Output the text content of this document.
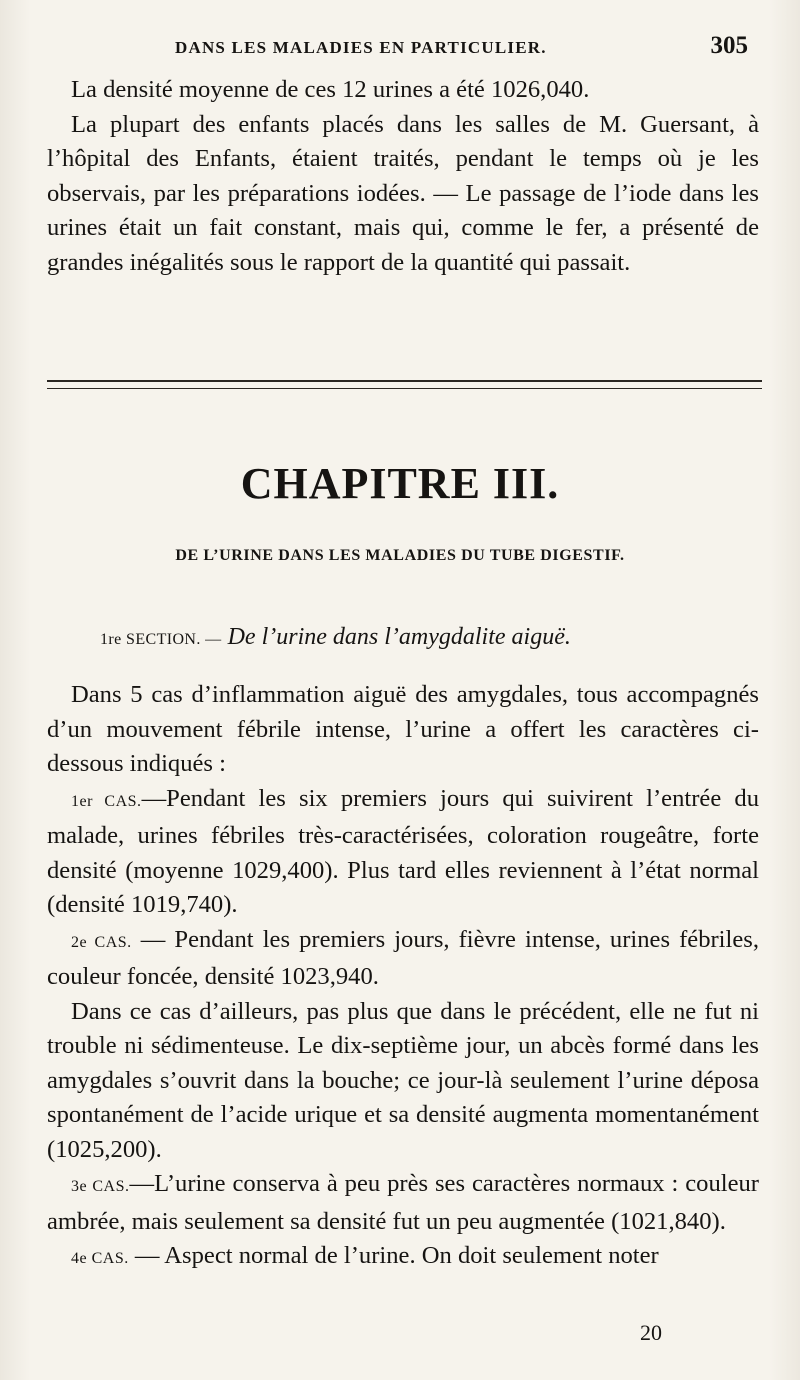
DANS LES MALADIES EN PARTICULIER.	305

La densité moyenne de ces 12 urines a été 1026,040.

La plupart des enfants placés dans les salles de M. Guersant, à l’hôpital des Enfants, étaient traités, pendant le temps où je les observais, par les préparations iodées. — Le passage de l’iode dans les urines était un fait constant, mais qui, comme le fer, a présenté de grandes inégalités sous le rapport de la quantité qui passait.

CHAPITRE III.
DE L’URINE DANS LES MALADIES DU TUBE DIGESTIF.
1re SECTION. — De l’urine dans l’amygdalite aiguë.

Dans 5 cas d’inflammation aiguë des amygdales, tous accompagnés d’un mouvement fébrile intense, l’urine a offert les caractères ci-dessous indiqués :

1er CAS.—Pendant les six premiers jours qui suivirent l’entrée du malade, urines fébriles très-caractérisées, coloration rougeâtre, forte densité (moyenne 1029,400). Plus tard elles reviennent à l’état normal (densité 1019,740).

2e CAS. — Pendant les premiers jours, fièvre intense, urines fébriles, couleur foncée, densité 1023,940.

Dans ce cas d’ailleurs, pas plus que dans le précédent, elle ne fut ni trouble ni sédimenteuse. Le dix-septième jour, un abcès formé dans les amygdales s’ouvrit dans la bouche; ce jour-là seulement l’urine déposa spontanément de l’acide urique et sa densité augmenta momentanément (1025,200).

3e CAS.—L’urine conserva à peu près ses caractères normaux : couleur ambrée, mais seulement sa densité fut un peu augmentée (1021,840).

4e CAS. — Aspect normal de l’urine. On doit seulement noter

20
